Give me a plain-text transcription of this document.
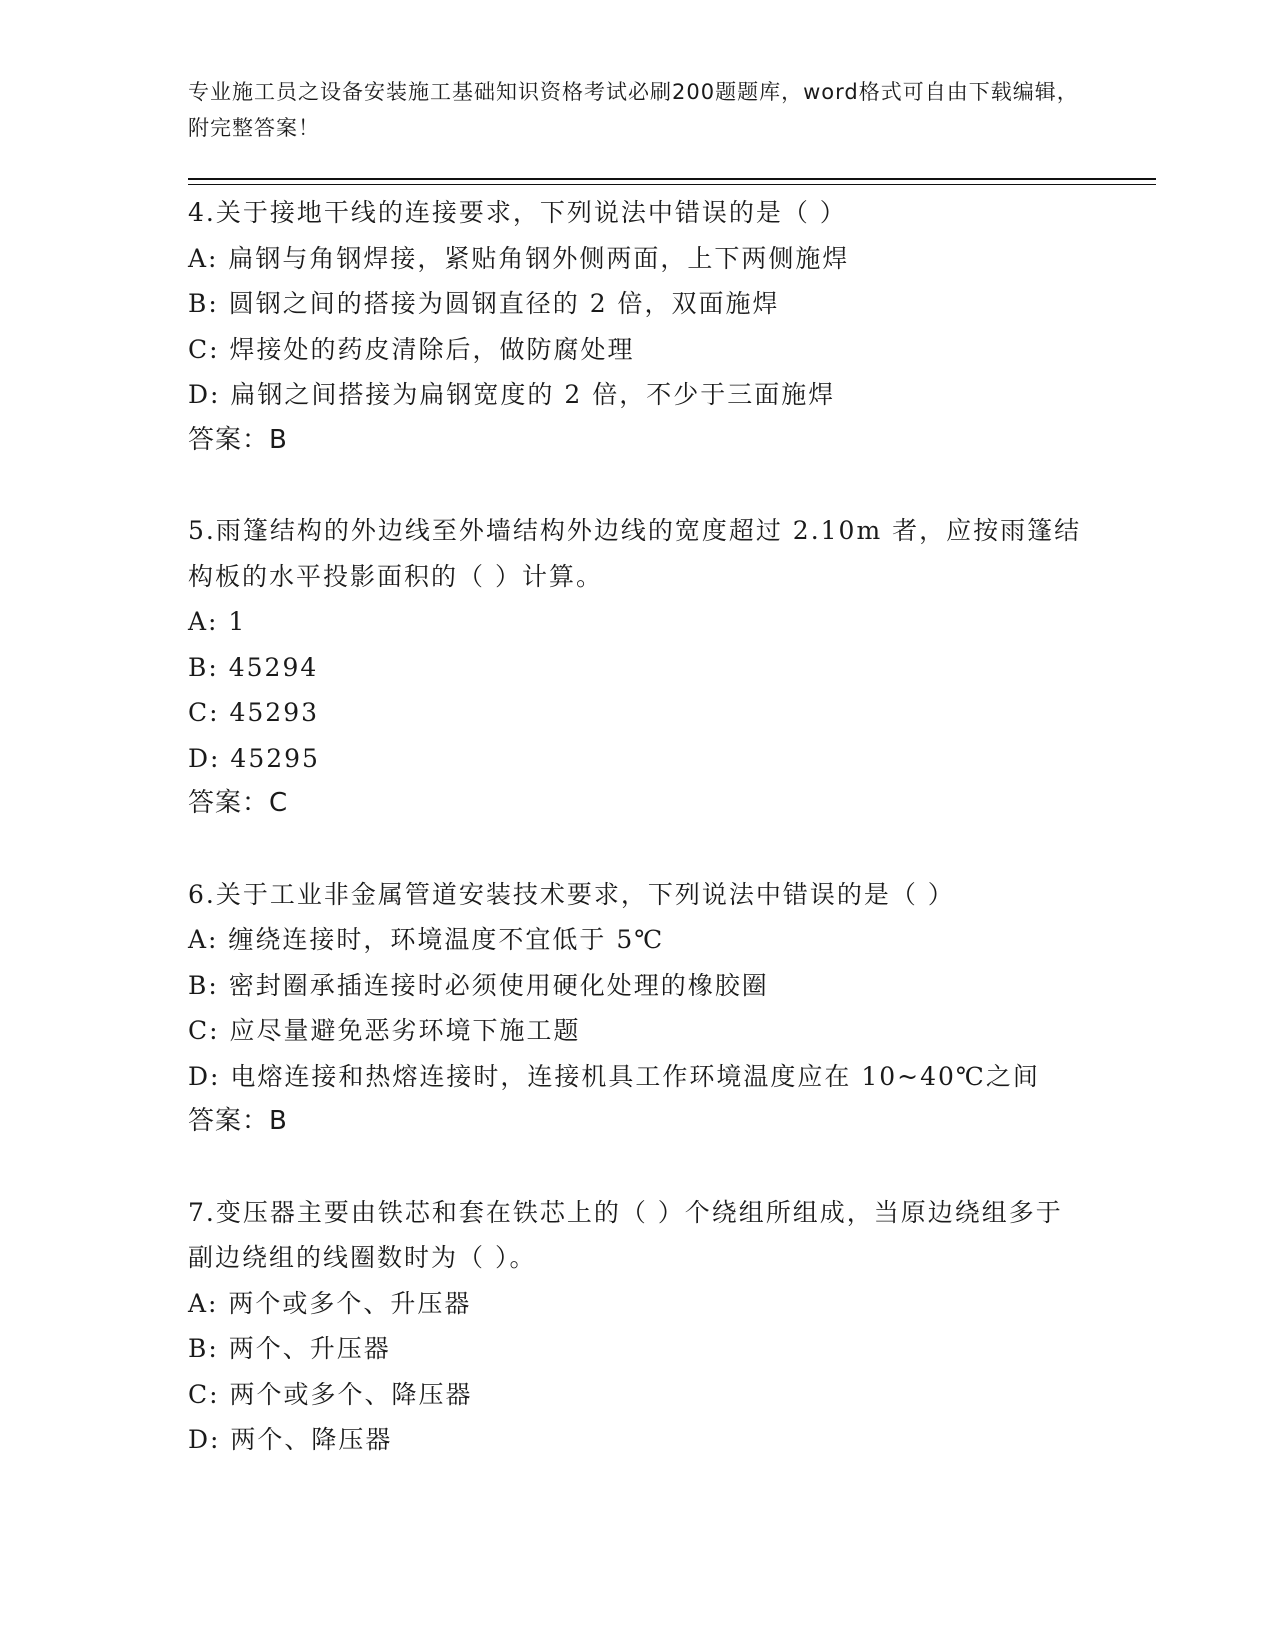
专业施工员之设备安装施工基础知识资格考试必刷200题题库，word格式可自由下载编辑，附完整答案！
4.关于接地干线的连接要求，下列说法中错误的是（ ）
A: 扁钢与角钢焊接，紧贴角钢外侧两面，上下两侧施焊
B: 圆钢之间的搭接为圆钢直径的 2 倍，双面施焊
C: 焊接处的药皮清除后，做防腐处理
D: 扁钢之间搭接为扁钢宽度的 2 倍，不少于三面施焊
答案：B
5.雨篷结构的外边线至外墙结构外边线的宽度超过 2.10m 者，应按雨篷结构板的水平投影面积的（ ）计算。
A: 1
B: 45294
C: 45293
D: 45295
答案：C
6.关于工业非金属管道安装技术要求，下列说法中错误的是（ ）
A: 缠绕连接时，环境温度不宜低于 5℃
B: 密封圈承插连接时必须使用硬化处理的橡胶圈
C: 应尽量避免恶劣环境下施工题
D: 电熔连接和热熔连接时，连接机具工作环境温度应在 10~40℃之间
答案：B
7.变压器主要由铁芯和套在铁芯上的（ ）个绕组所组成，当原边绕组多于副边绕组的线圈数时为（ ）。
A: 两个或多个、升压器
B: 两个、升压器
C: 两个或多个、降压器
D: 两个、降压器
